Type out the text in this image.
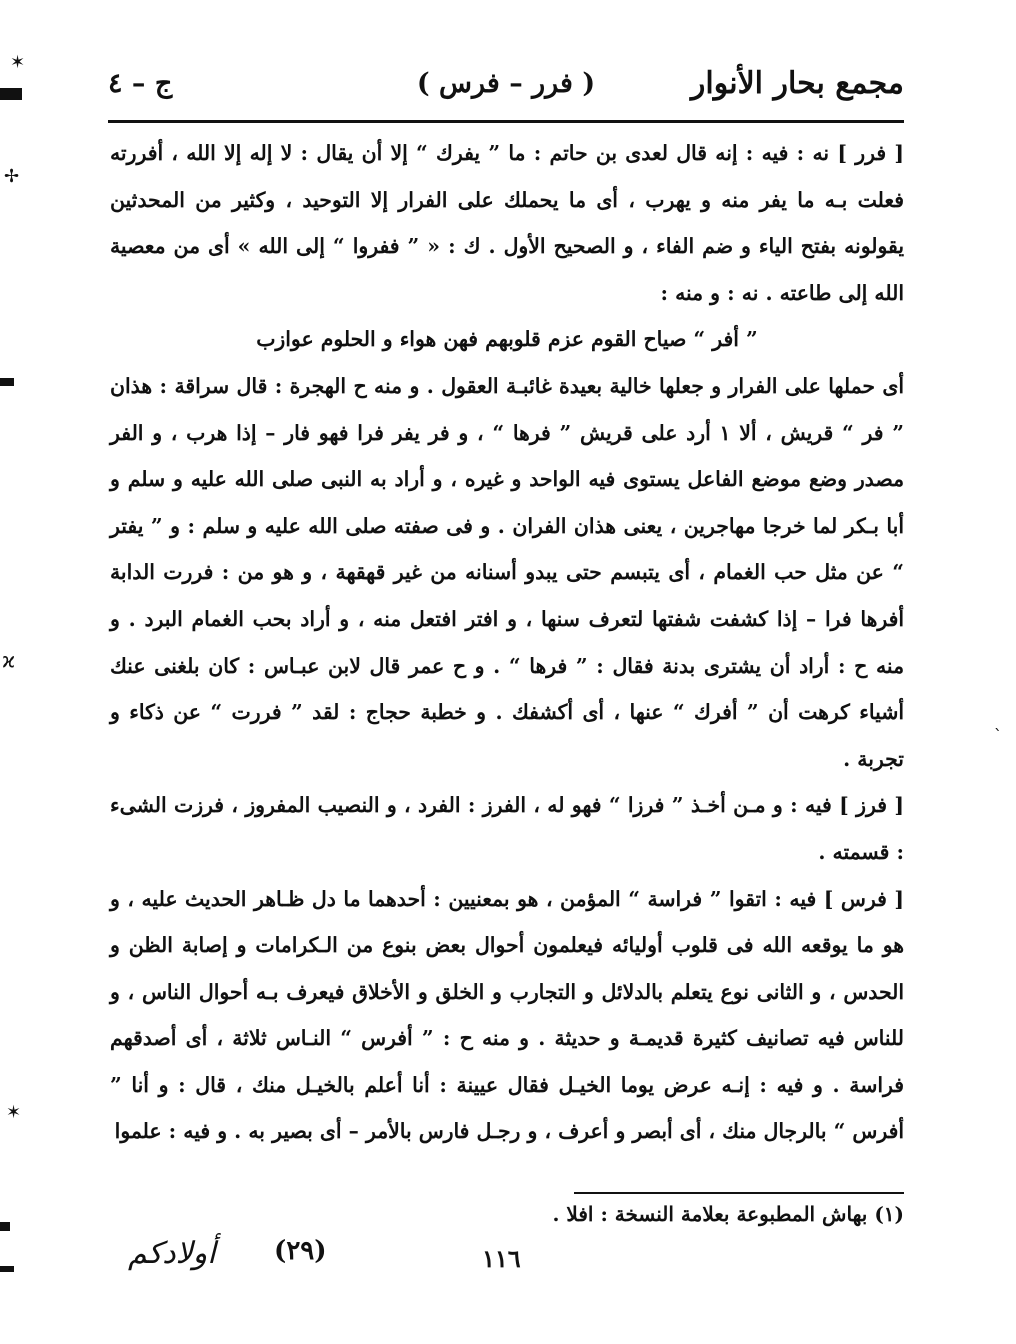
✶
✢
ϰ
`
✶
مجمع بحار الأنوار
( فرر – فرس )
ج – ٤

[ فرر ] نه : فيه : إنه قال لعدى بن حاتم : ما ” يفرك “ إلا أن يقال : لا إله إلا الله ، أفررته فعلت بـه ما يفر منه و يهرب ، أى ما يحملك على الفرار إلا التوحيد ، وكثير من المحدثين يقولونه بفتح الياء و ضم الفاء ، و الصحيح الأول . ك : « ” ففروا “ إلى الله » أى من معصية الله إلى طاعته . نه : و منه :

” أفر “ صياح القوم عزم قلوبهم فهن هواء و الحلوم عوازب

أى حملها على الفرار و جعلها خالية بعيدة غائبـة العقول . و منه ح الهجرة : قال سراقة : هذان ” فر “ قريش ، ألا ١ أرد على قريش ” فرها “ ، و فر يفر فرا فهو فار – إذا هرب ، و الفر مصدر وضع موضع الفاعل يستوى فيه الواحد و غيره ، و أراد به النبى صلى الله عليه و سلم و أبا بـكر لما خرجا مهاجرين ، يعنى هذان الفران . و فى صفته صلى الله عليه و سلم : و ” يفتر “ عن مثل حب الغمام ، أى يتبسم حتى يبدو أسنانه من غير قهقهة ، و هو من : فررت الدابة أفرها فرا – إذا كشفت شفتها لتعرف سنها ، و افتر افتعل منه ، و أراد بحب الغمام البرد . و منه ح : أراد أن يشترى بدنة فقال : ” فرها “ . و ح عمر قال لابن عبـاس : كان بلغنى عنك أشياء كرهت أن ” أفرك “ عنها ، أى أكشفك . و خطبة حجاج : لقد ” فررت “ عن ذكاء و تجربة .

[ فرز ] فيه : و مـن أخـذ ” فرزا “ فهو له ، الفرز : الفرد ، و النصيب المفروز ، فرزت الشىء : قسمته .

[ فرس ] فيه : اتقوا ” فراسة “ المؤمن ، هو بمعنيين : أحدهما ما دل ظـاهر الحديث عليه ، و هو ما يوقعه الله فى قلوب أوليائه فيعلمون أحوال بعض بنوع من الـكرامات و إصابة الظن و الحدس ، و الثانى نوع يتعلم بالدلائل و التجارب و الخلق و الأخلاق فيعرف بـه أحوال الناس ، و للناس فيه تصانيف كثيرة قديمـة و حديثة . و منه ح : ” أفرس “ النـاس ثلاثة ، أى أصدقهم فراسة . و فيه : إنـه عرض يوما الخيـل فقال عيينة : أنا أعلم بالخيـل منك ، قال : و أنا ” أفرس “ بالرجال منك ، أى أبصر و أعرف ، و رجـل فارس بالأمر – أى بصير به . و فيه : علموا

(١) بهاش المطبوعة بعلامة النسخة : افلا .
أولادكم (٢٩)	١١٦
